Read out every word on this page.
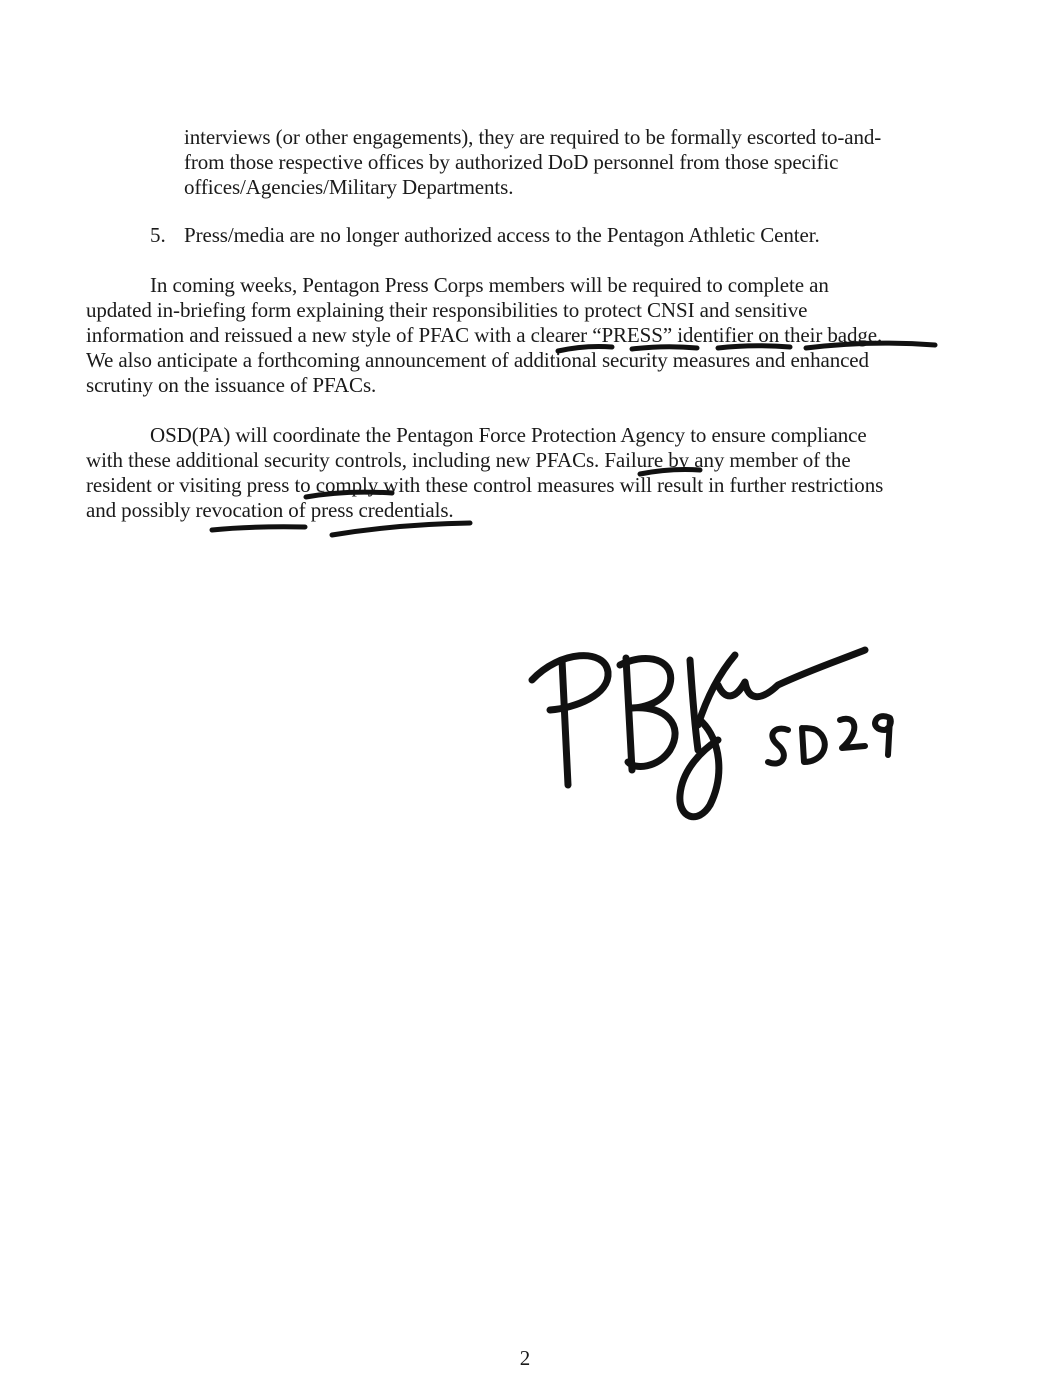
interviews (or other engagements), they are required to be formally escorted to-and-
from those respective offices by authorized DoD personnel from those specific
offices/Agencies/Military Departments.
5. Press/media are no longer authorized access to the Pentagon Athletic Center.
In coming weeks, Pentagon Press Corps members will be required to complete an
updated in-briefing form explaining their responsibilities to protect CNSI and sensitive
information and reissued a new style of PFAC with a clearer “PRESS” identifier on their badge.
We also anticipate a forthcoming announcement of additional security measures and enhanced
scrutiny on the issuance of PFACs.
OSD(PA) will coordinate the Pentagon Force Protection Agency to ensure compliance
with these additional security controls, including new PFACs. Failure by any member of the
resident or visiting press to comply with these control measures will result in further restrictions
and possibly revocation of press credentials.
2
